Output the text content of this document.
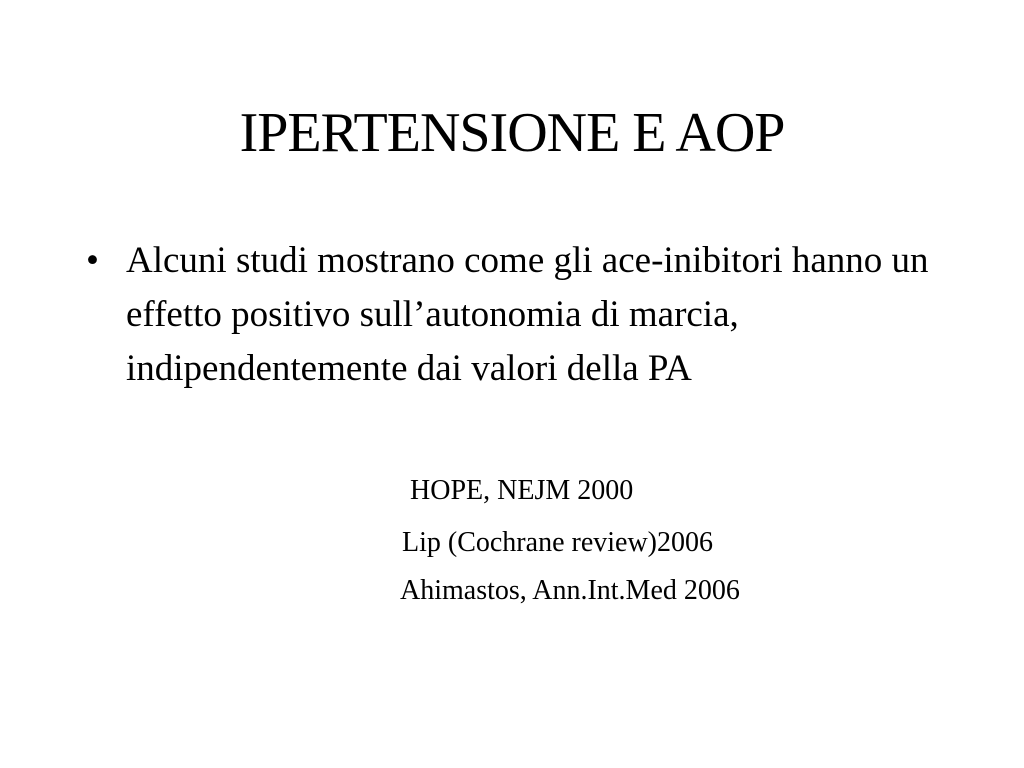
IPERTENSIONE E AOP
• Alcuni studi mostrano come gli ace-inibitori hanno un effetto positivo sull’autonomia di marcia, indipendentemente dai valori della PA
HOPE, NEJM 2000
Lip (Cochrane review)2006
Ahimastos, Ann.Int.Med 2006
